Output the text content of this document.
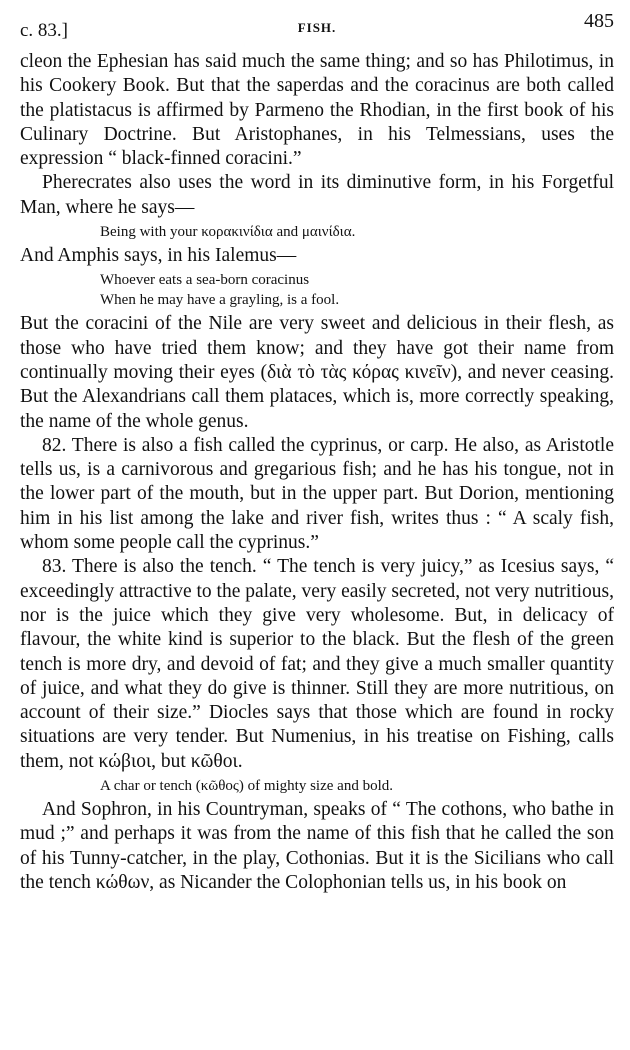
c. 83.]	FISH.	485

cleon the Ephesian has said much the same thing; and so has Philotimus, in his Cookery Book. But that the saperdas and the coracinus are both called the platistacus is affirmed by Parmeno the Rhodian, in the first book of his Culinary Doctrine. But Aristophanes, in his Telmessians, uses the expression “ black-finned coracini.”

Pherecrates also uses the word in its diminutive form, in his Forgetful Man, where he says—

Being with your κορακινίδια and μαινίδια.

And Amphis says, in his Ialemus—

Whoever eats a sea-born coracinus
When he may have a grayling, is a fool.

But the coracini of the Nile are very sweet and delicious in their flesh, as those who have tried them know; and they have got their name from continually moving their eyes (διὰ τὸ τὰς κόρας κινεῖν), and never ceasing. But the Alexandrians call them plataces, which is, more correctly speaking, the name of the whole genus.

82. There is also a fish called the cyprinus, or carp. He also, as Aristotle tells us, is a carnivorous and gregarious fish; and he has his tongue, not in the lower part of the mouth, but in the upper part. But Dorion, mentioning him in his list among the lake and river fish, writes thus : “ A scaly fish, whom some people call the cyprinus.”

83. There is also the tench. “ The tench is very juicy,” as Icesius says, “ exceedingly attractive to the palate, very easily secreted, not very nutritious, nor is the juice which they give very wholesome. But, in delicacy of flavour, the white kind is superior to the black. But the flesh of the green tench is more dry, and devoid of fat; and they give a much smaller quantity of juice, and what they do give is thinner. Still they are more nutritious, on account of their size.” Diocles says that those which are found in rocky situations are very tender. But Numenius, in his treatise on Fishing, calls them, not κώβιοι, but κῶθοι.

A char or tench (κῶθος) of mighty size and bold.

And Sophron, in his Countryman, speaks of “ The cothons, who bathe in mud ;” and perhaps it was from the name of this fish that he called the son of his Tunny-catcher, in the play, Cothonias. But it is the Sicilians who call the tench κώθων, as Nicander the Colophonian tells us, in his book on
